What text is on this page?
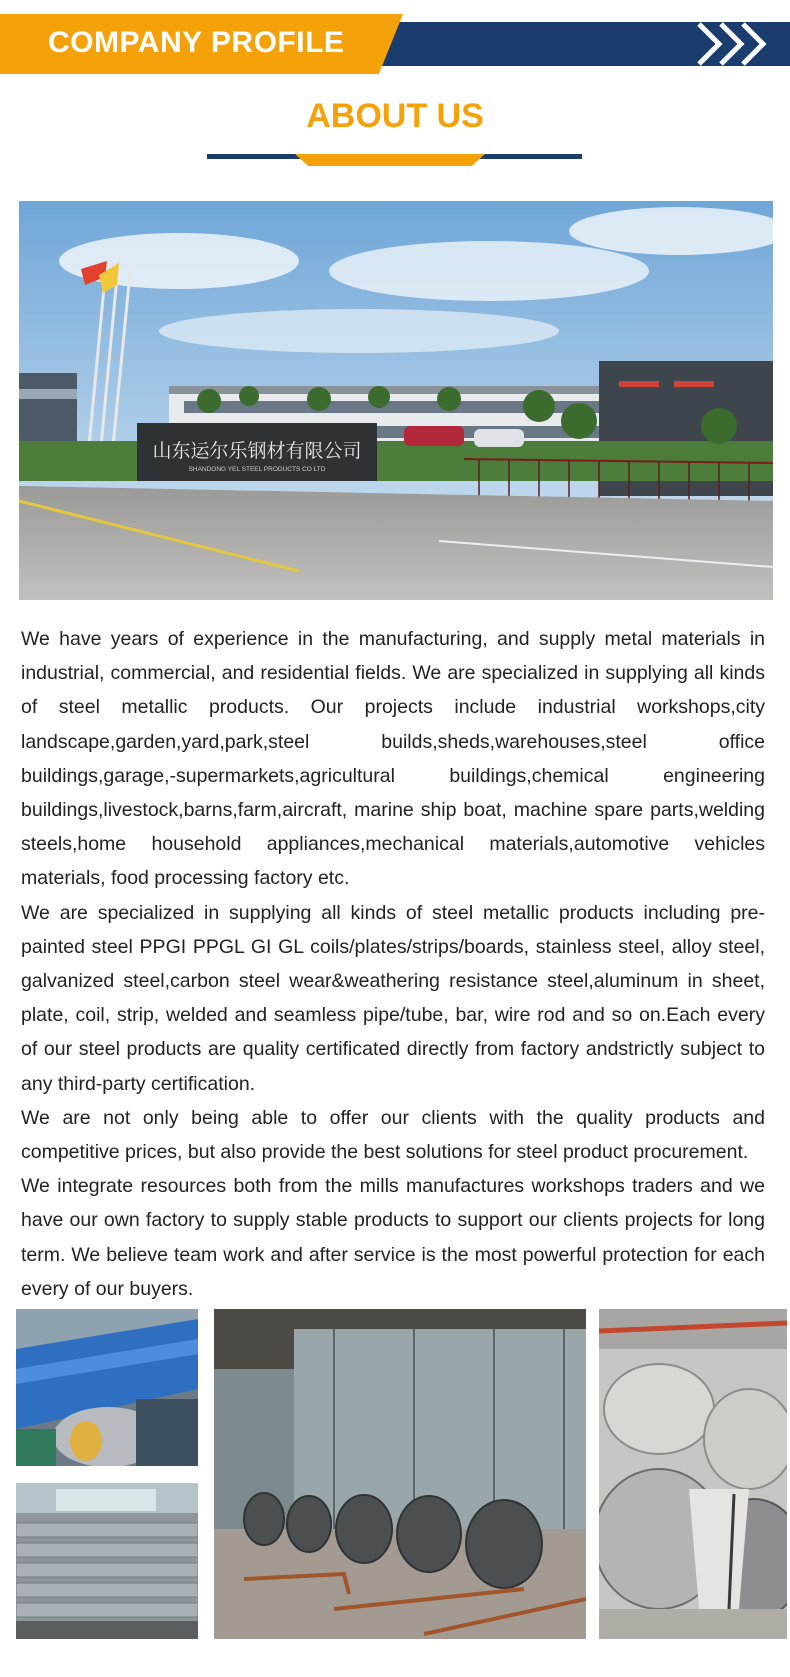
COMPANY PROFILE
ABOUT US
山东运尔乐钢材有限公司
SHANDONG YEL STEEL PRODUCTS CO LTD

We have years of experience in the manufacturing, and supply metal materials in industrial, commercial, and residential fields. We are specialized in supplying all kinds of steel metallic products. Our projects include industrial workshops,city landscape,garden,yard,park,steel builds,sheds,warehouses,steel office buildings,garage,-supermarkets,agricultural buildings,chemical engineering buildings,livestock,barns,farm,aircraft, marine ship boat, machine spare parts,welding steels,home household appliances,mechanical materials,automotive vehicles materials, food processing factory etc.

We are specialized in supplying all kinds of steel metallic products including pre-painted steel PPGI PPGL GI GL coils/plates/strips/boards, stainless steel, alloy steel, galvanized steel,carbon steel wear&weathering resistance steel,aluminum in sheet, plate, coil, strip, welded and seamless pipe/tube, bar, wire rod and so on.Each every of our steel products are quality certificated directly from factory andstrictly subject to any third-party certification.

We are not only being able to offer our clients with the quality products and competitive prices, but also provide the best solutions for steel product procurement.

We integrate resources both from the mills manufactures workshops traders and we have our own factory to supply stable products to support our clients projects for long term. We believe team work and after service is the most powerful protection for each every of our buyers.
